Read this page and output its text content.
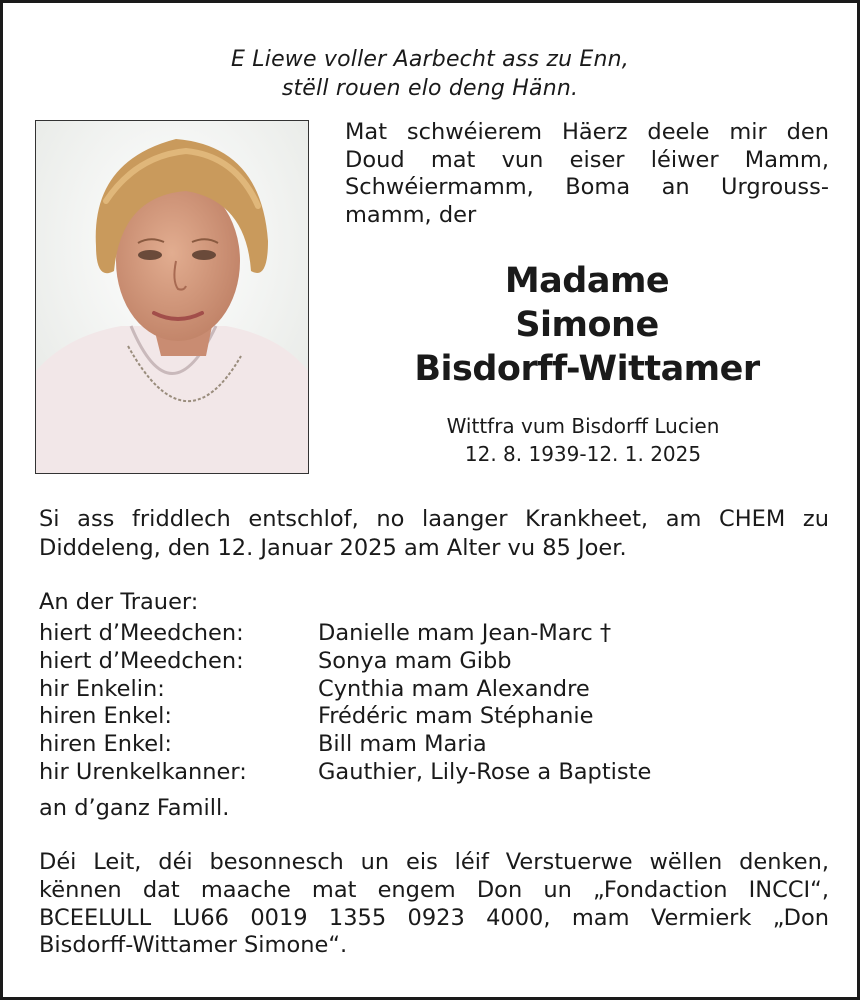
E Liewe voller Aarbecht ass zu Enn,
stëll rouen elo deng Hänn.
Mat schwéierem Häerz deele mir den
Doud mat vun eiser léiwer Mamm,
Schwéiermamm, Boma an Urgrouss-
mamm, der
Madame
Simone
Bisdorff-Wittamer
Wittfra vum Bisdorff Lucien
12. 8. 1939-12. 1. 2025
Si ass friddlech entschlof, no laanger Krankheet, am CHEM zu
Diddeleng, den 12. Januar 2025 am Alter vu 85 Joer.
An der Trauer:
hiert d’Meedchen:	Danielle mam Jean-Marc †
hiert d’Meedchen:	Sonya mam Gibb
hir Enkelin:	Cynthia mam Alexandre
hiren Enkel:	Frédéric mam Stéphanie
hiren Enkel:	Bill mam Maria
hir Urenkelkanner:	Gauthier, Lily-Rose a Baptiste
an d’ganz Famill.
Déi Leit, déi besonnesch un eis léif Verstuerwe wëllen denken,
kënnen dat maache mat engem Don un „Fondaction INCCI“,
BCEELULL LU66 0019 1355 0923 4000, mam Vermierk „Don
Bisdorff-Wittamer Simone“.
